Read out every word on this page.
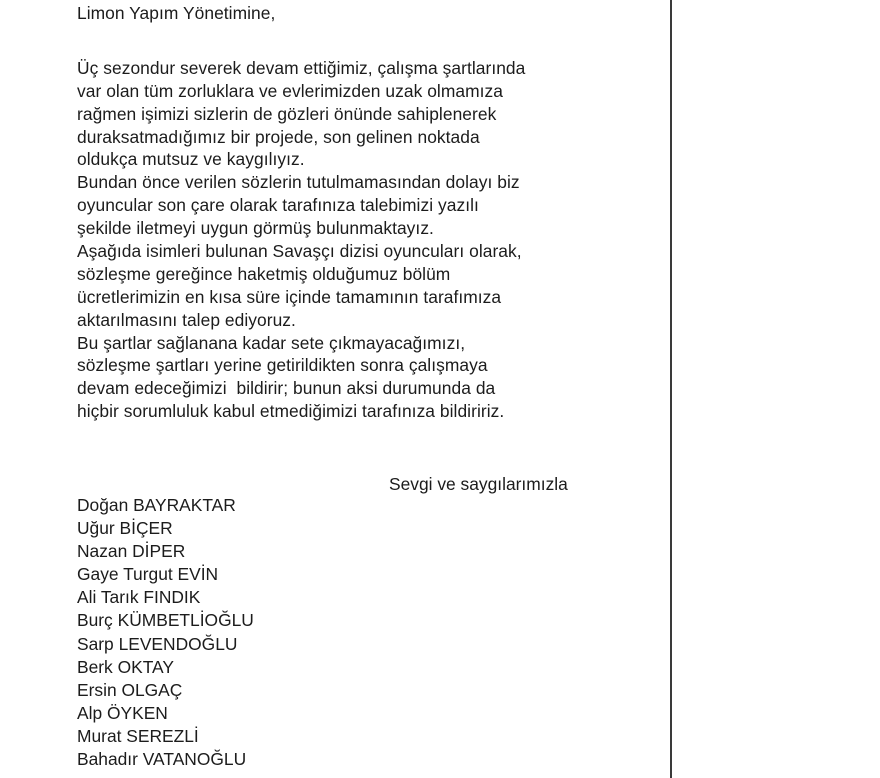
Limon Yapım Yönetimine,
Üç sezondur severek devam ettiğimiz, çalışma şartlarında
var olan tüm zorluklara ve evlerimizden uzak olmamıza
rağmen işimizi sizlerin de gözleri önünde sahiplenerek
duraksatmadığımız bir projede, son gelinen noktada
oldukça mutsuz ve kaygılıyız.
Bundan önce verilen sözlerin tutulmamasından dolayı biz
oyuncular son çare olarak tarafınıza talebimizi yazılı
şekilde iletmeyi uygun görmüş bulunmaktayız.
Aşağıda isimleri bulunan Savaşçı dizisi oyuncuları olarak,
sözleşme gereğince haketmiş olduğumuz bölüm
ücretlerimizin en kısa süre içinde tamamının tarafımıza
aktarılmasını talep ediyoruz.
Bu şartlar sağlanana kadar sete çıkmayacağımızı,
sözleşme şartları yerine getirildikten sonra çalışmaya
devam edeceğimizi  bildirir; bunun aksi durumunda da
hiçbir sorumluluk kabul etmediğimizi tarafınıza bildiririz.
Sevgi ve saygılarımızla
Doğan BAYRAKTAR
Uğur BİÇER
Nazan DİPER
Gaye Turgut EVİN
Ali Tarık FINDIK
Burç KÜMBETLİOĞLU
Sarp LEVENDOĞLU
Berk OKTAY
Ersin OLGAÇ
Alp ÖYKEN
Murat SEREZLİ
Bahadır VATANOĞLU
